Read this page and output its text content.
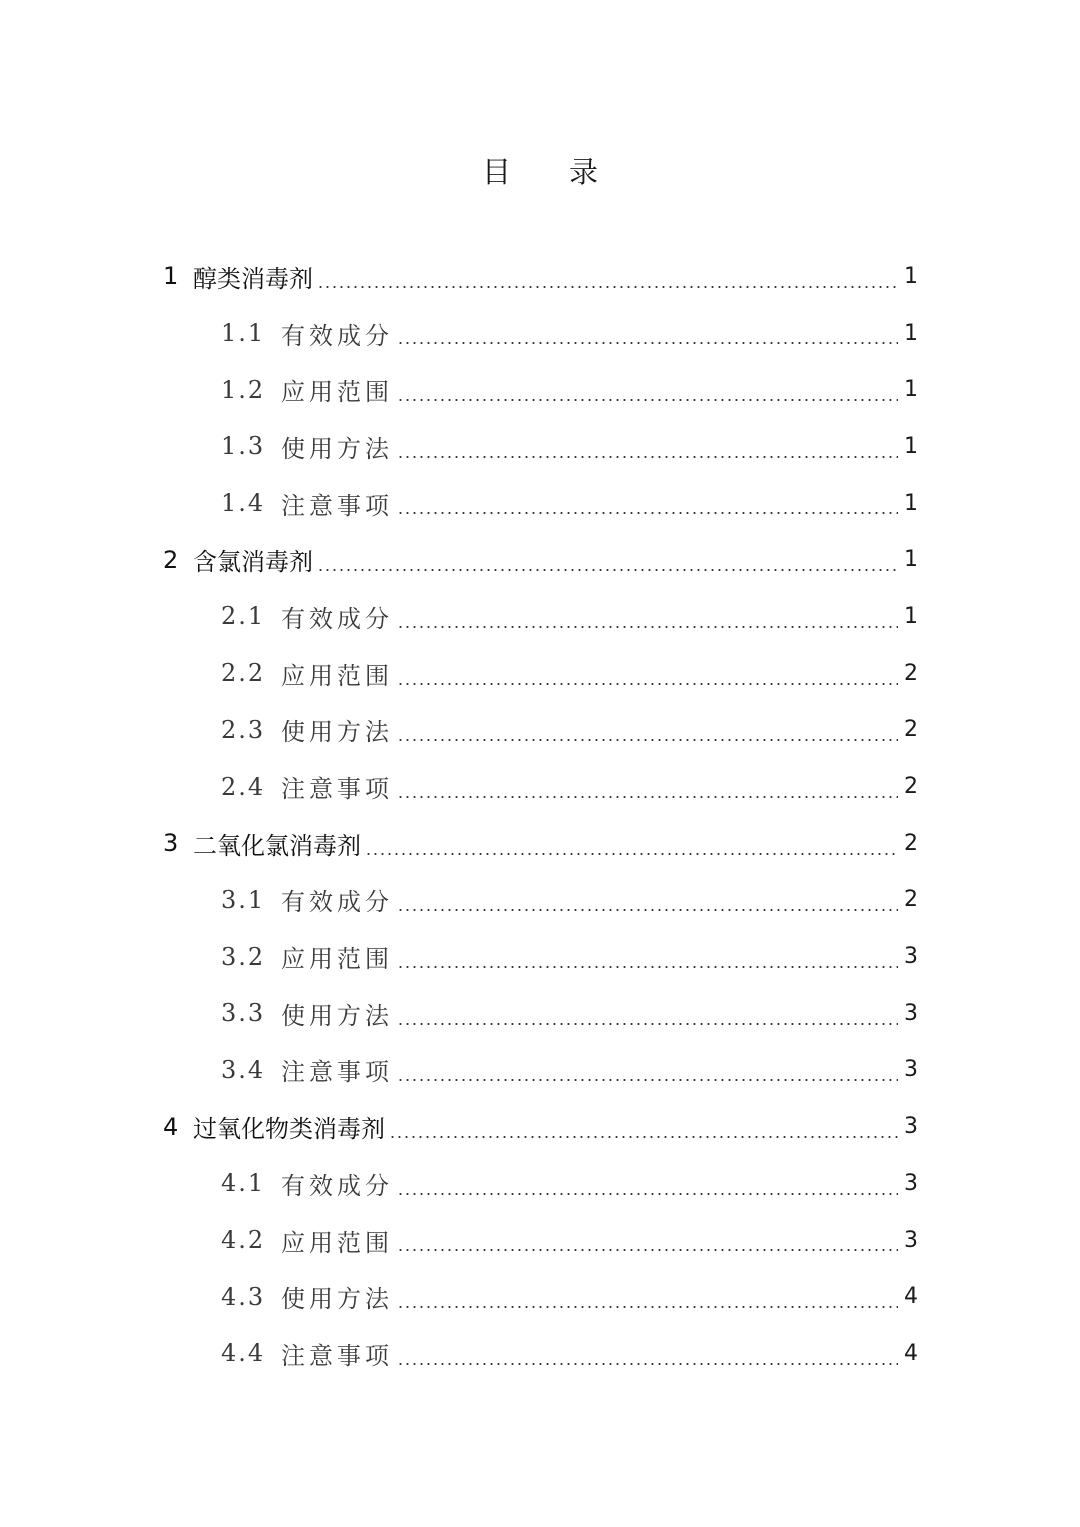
目 录
1 醇类消毒剂	1
1.1 有效成分	1
1.2 应用范围	1
1.3 使用方法	1
1.4 注意事项	1
2 含氯消毒剂	1
2.1 有效成分	1
2.2 应用范围	2
2.3 使用方法	2
2.4 注意事项	2
3 二氧化氯消毒剂	2
3.1 有效成分	2
3.2 应用范围	3
3.3 使用方法	3
3.4 注意事项	3
4 过氧化物类消毒剂	3
4.1 有效成分	3
4.2 应用范围	3
4.3 使用方法	4
4.4 注意事项	4
